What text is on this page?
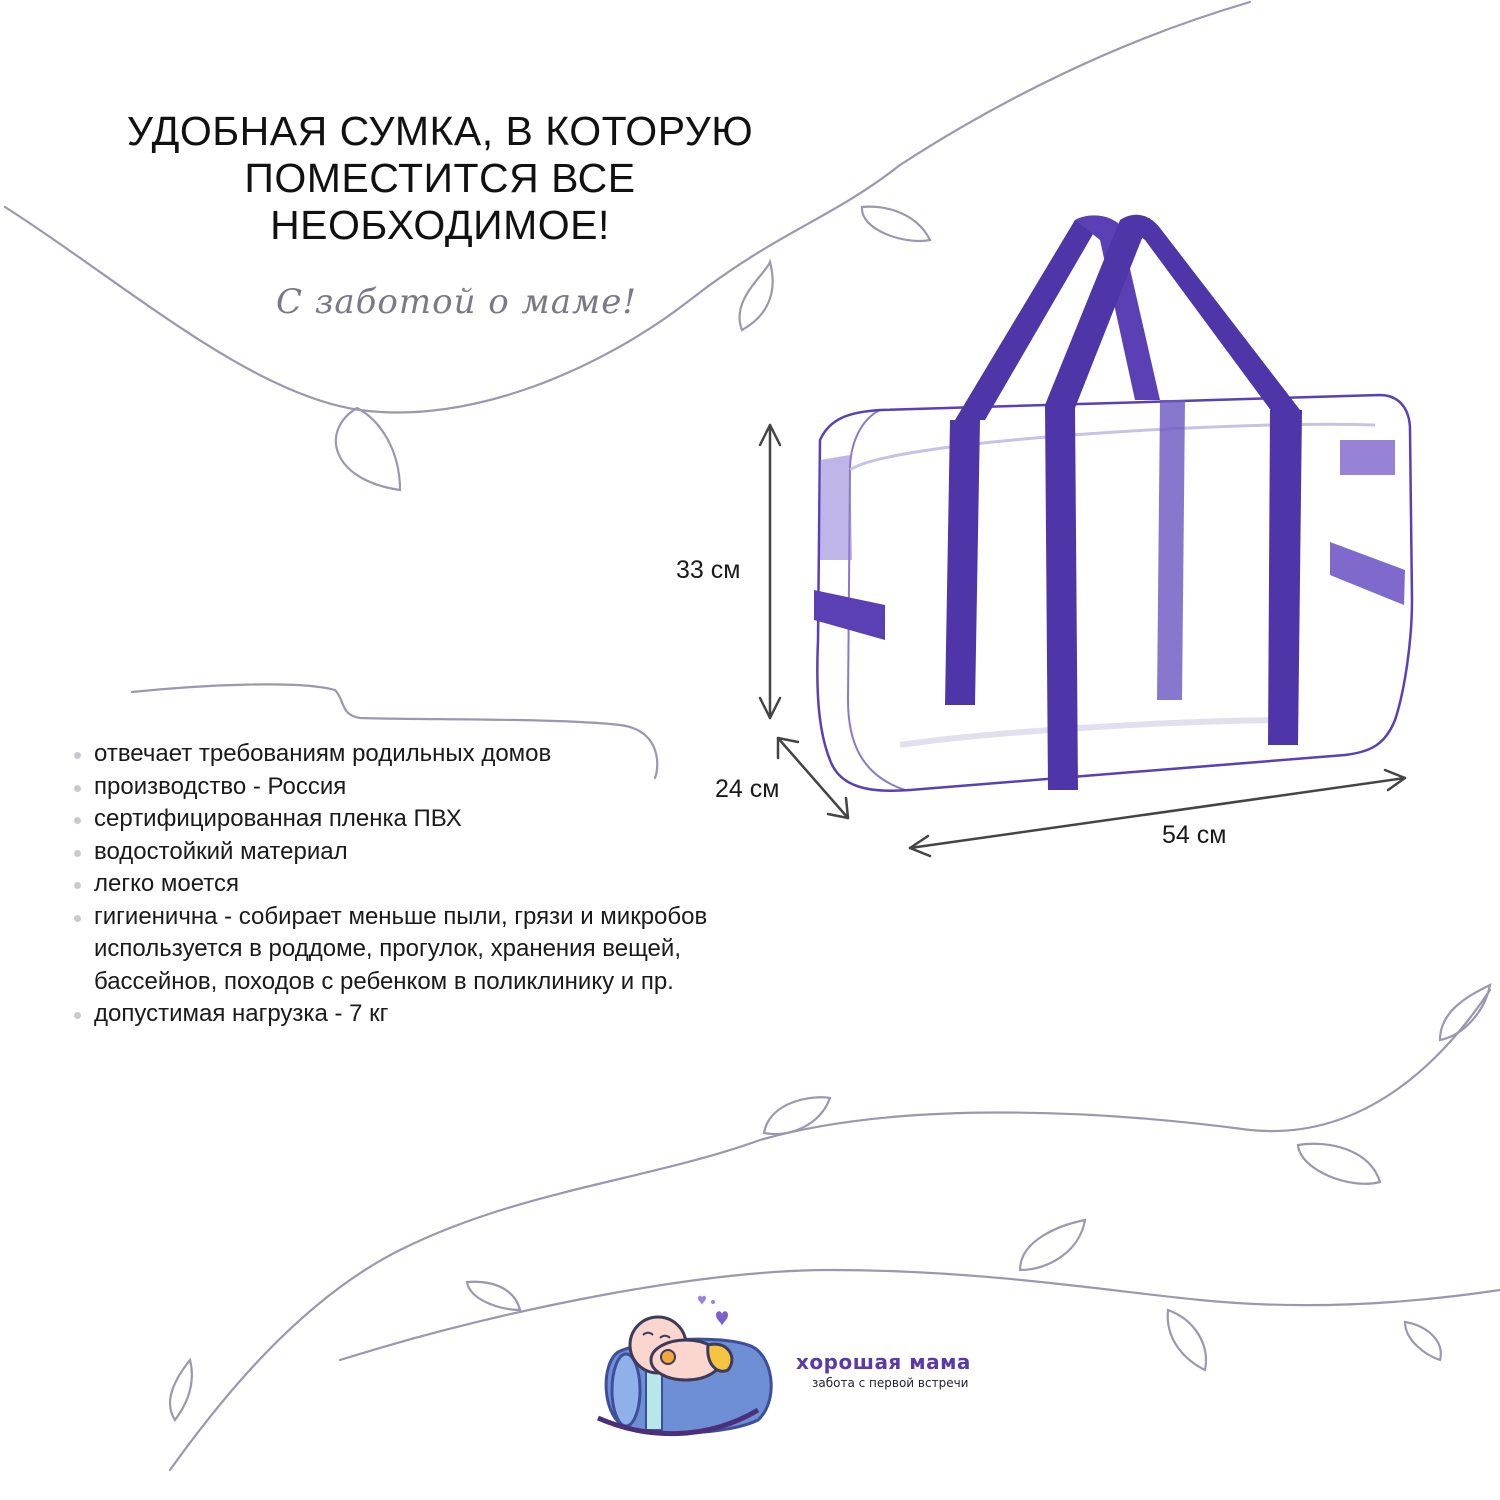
УДОБНАЯ СУМКА, В КОТОРУЮ
ПОМЕСТИТСЯ ВСЕ
НЕОБХОДИМОЕ!
С заботой о маме!
33 см
24 см
54 см
отвечает требованиям родильных домов
производство - Россия
сертифицированная пленка ПВХ
водостойкий материал
легко моется
гигиенична - собирает меньше пыли, грязи и микробов
используется в роддоме, прогулок, хранения вещей,
бассейнов, походов с ребенком в поликлинику и пр.
допустимая нагрузка - 7 кг
хорошая мама
забота с первой встречи
